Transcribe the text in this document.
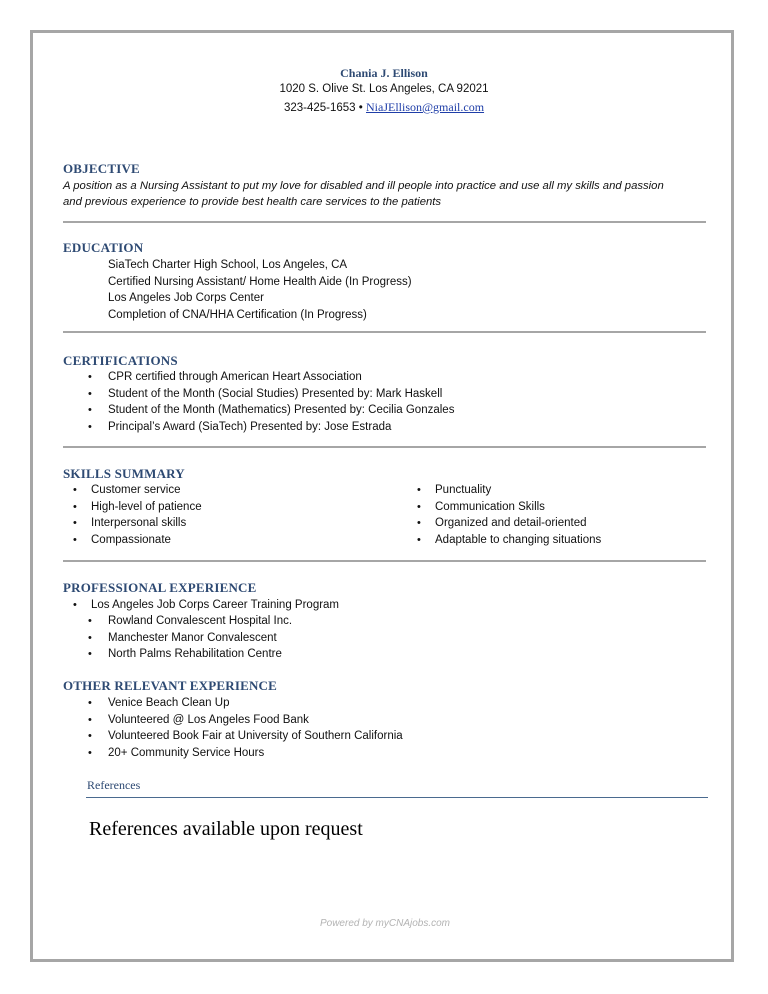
Chania J. Ellison
1020 S. Olive St. Los Angeles, CA 92021
323-425-1653 • NiaJEllison@gmail.com
OBJECTIVE
A position as a Nursing Assistant to put my love for disabled and ill people into practice and use all my skills and passion
and previous experience to provide best health care services to the patients
EDUCATION
SiaTech Charter High School, Los Angeles, CA
Certified Nursing Assistant/ Home Health Aide (In Progress)
Los Angeles Job Corps Center
Completion of CNA/HHA Certification (In Progress)
CERTIFICATIONS
• CPR certified through American Heart Association
• Student of the Month (Social Studies) Presented by: Mark Haskell
• Student of the Month (Mathematics) Presented by: Cecilia Gonzales
• Principal’s Award (SiaTech) Presented by: Jose Estrada
SKILLS SUMMARY
• Customer service
• High-level of patience
• Interpersonal skills
• Compassionate
• Punctuality
• Communication Skills
• Organized and detail-oriented
• Adaptable to changing situations
PROFESSIONAL EXPERIENCE
• Los Angeles Job Corps Career Training Program
• Rowland Convalescent Hospital Inc.
• Manchester Manor Convalescent
• North Palms Rehabilitation Centre
OTHER RELEVANT EXPERIENCE
• Venice Beach Clean Up
• Volunteered @ Los Angeles Food Bank
• Volunteered Book Fair at University of Southern California
• 20+ Community Service Hours
References
References available upon request
Powered by myCNAjobs.com
